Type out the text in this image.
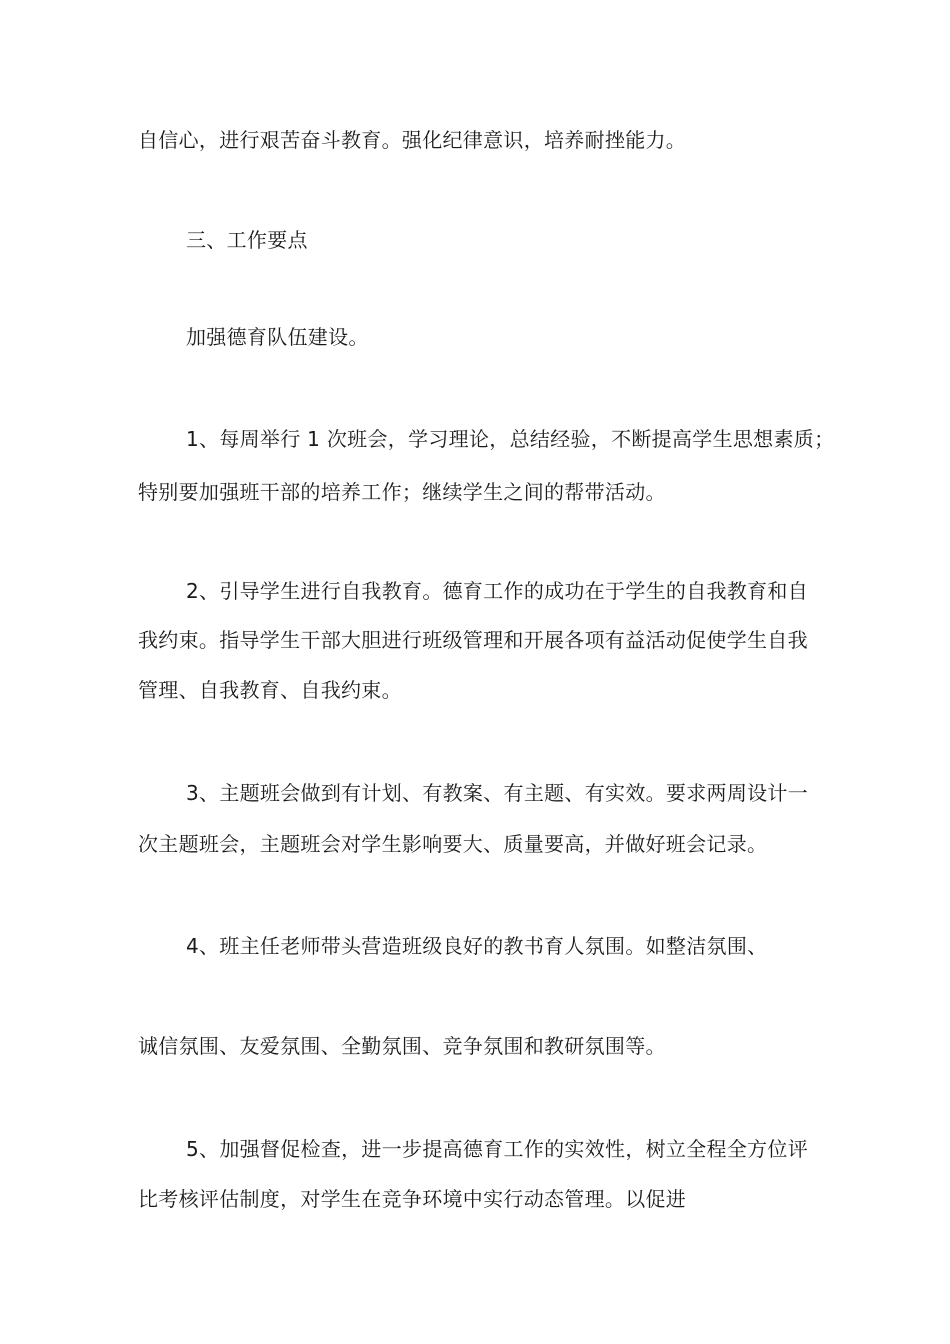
自信心，进行艰苦奋斗教育。强化纪律意识，培养耐挫能力。
三、工作要点
加强德育队伍建设。
1、每周举行 1 次班会，学习理论，总结经验，不断提高学生思想素质；
特别要加强班干部的培养工作；继续学生之间的帮带活动。
2、引导学生进行自我教育。德育工作的成功在于学生的自我教育和自
我约束。指导学生干部大胆进行班级管理和开展各项有益活动促使学生自我
管理、自我教育、自我约束。
3、主题班会做到有计划、有教案、有主题、有实效。要求两周设计一
次主题班会，主题班会对学生影响要大、质量要高，并做好班会记录。
4、班主任老师带头营造班级良好的教书育人氛围。如整洁氛围、
诚信氛围、友爱氛围、全勤氛围、竞争氛围和教研氛围等。
5、加强督促检查，进一步提高德育工作的实效性，树立全程全方位评
比考核评估制度，对学生在竞争环境中实行动态管理。以促进
